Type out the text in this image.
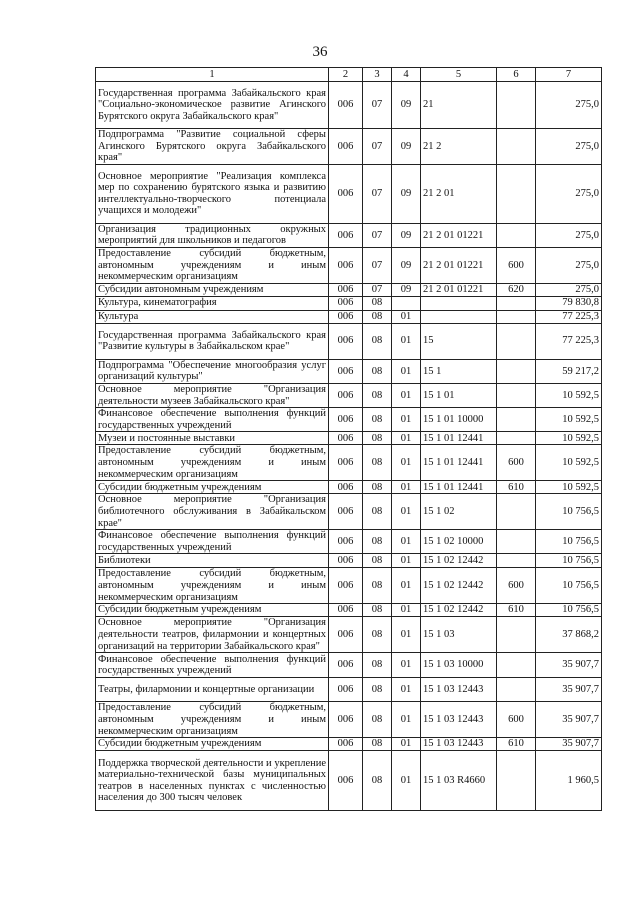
36
1	2	3	4	5	6	7
Государственная программа Забайкальского края "Социально-экономическое развитие Агинского Бурятского округа Забайкальского края"	006	07	09	21		275,0
Подпрограмма "Развитие социальной сферы Агинского Бурятского округа Забайкальского края"	006	07	09	21 2		275,0
Основное мероприятие "Реализация комплекса мер по сохранению бурятского языка и развитию интеллектуально-творческого потенциала учащихся и молодежи"	006	07	09	21 2 01		275,0
Организация традиционных окружных мероприятий для школьников и педагогов	006	07	09	21 2 01 01221		275,0
Предоставление субсидий бюджетным, автономным учреждениям и иным некоммерческим организациям	006	07	09	21 2 01 01221	600	275,0
Субсидии автономным учреждениям	006	07	09	21 2 01 01221	620	275,0
Культура, кинематография	006	08				79 830,8
Культура	006	08	01			77 225,3
Государственная программа Забайкальского края "Развитие культуры в Забайкальском крае"	006	08	01	15		77 225,3
Подпрограмма "Обеспечение многообразия услуг организаций культуры"	006	08	01	15 1		59 217,2
Основное мероприятие "Организация деятельности музеев Забайкальского края"	006	08	01	15 1 01		10 592,5
Финансовое обеспечение выполнения функций государственных учреждений	006	08	01	15 1 01 10000		10 592,5
Музеи и постоянные выставки	006	08	01	15 1 01 12441		10 592,5
Предоставление субсидий бюджетным, автономным учреждениям и иным некоммерческим организациям	006	08	01	15 1 01 12441	600	10 592,5
Субсидии бюджетным учреждениям	006	08	01	15 1 01 12441	610	10 592,5
Основное мероприятие "Организация библиотечного обслуживания в Забайкальском крае"	006	08	01	15 1 02		10 756,5
Финансовое обеспечение выполнения функций государственных учреждений	006	08	01	15 1 02 10000		10 756,5
Библиотеки	006	08	01	15 1 02 12442		10 756,5
Предоставление субсидий бюджетным, автономным учреждениям и иным некоммерческим организациям	006	08	01	15 1 02 12442	600	10 756,5
Субсидии бюджетным учреждениям	006	08	01	15 1 02 12442	610	10 756,5
Основное мероприятие "Организация деятельности театров, филармонии и концертных организаций на территории Забайкальского края"	006	08	01	15 1 03		37 868,2
Финансовое обеспечение выполнения функций государственных учреждений	006	08	01	15 1 03 10000		35 907,7
Театры, филармонии и концертные организации	006	08	01	15 1 03 12443		35 907,7
Предоставление субсидий бюджетным, автономным учреждениям и иным некоммерческим организациям	006	08	01	15 1 03 12443	600	35 907,7
Субсидии бюджетным учреждениям	006	08	01	15 1 03 12443	610	35 907,7
Поддержка творческой деятельности и укрепление материально-технической базы муниципальных театров в населенных пунктах с численностью населения до 300 тысяч человек	006	08	01	15 1 03 R4660		1 960,5
